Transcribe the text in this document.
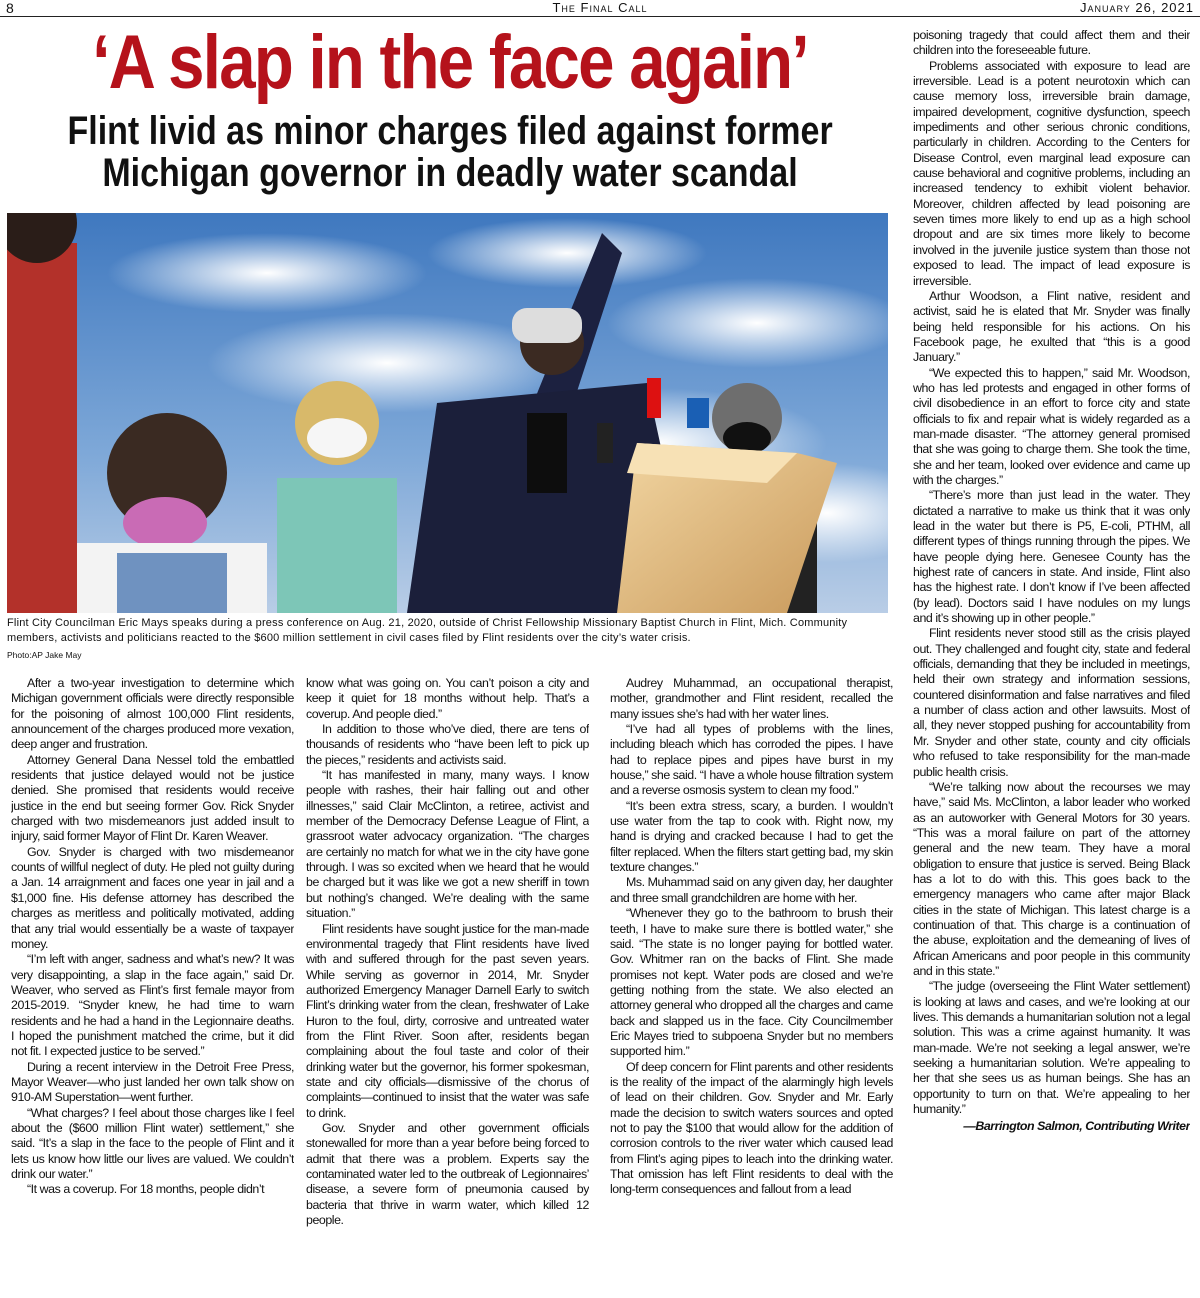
8	The Final Call	January 26, 2021
‘A slap in the face again’
Flint livid as minor charges filed against former
Michigan governor in deadly water scandal
Flint City Councilman Eric Mays speaks during a press conference on Aug. 21, 2020, outside of Christ Fellowship Missionary Baptist Church in Flint, Mich. Community members, activists and politicians reacted to the $600 million settlement in civil cases filed by Flint residents over the city’s water crisis.
Photo:AP Jake May

After a two-year investigation to determine which Michigan government officials were directly responsible for the poisoning of almost 100,000 Flint residents, announcement of the charges produced more vexation, deep anger and frustration.

Attorney General Dana Nessel told the embattled residents that justice delayed would not be justice denied. She promised that residents would receive justice in the end but seeing former Gov. Rick Snyder charged with two misdemeanors just added insult to injury, said former Mayor of Flint Dr. Karen Weaver.

Gov. Snyder is charged with two misdemeanor counts of willful neglect of duty. He pled not guilty during a Jan. 14 arraignment and faces one year in jail and a $1,000 fine. His defense attorney has described the charges as meritless and politically motivated, adding that any trial would essentially be a waste of taxpayer money.

“I’m left with anger, sadness and what’s new? It was very disappointing, a slap in the face again,” said Dr. Weaver, who served as Flint’s first female mayor from 2015-2019. “Snyder knew, he had time to warn residents and he had a hand in the Legionnaire deaths. I hoped the punishment matched the crime, but it did not fit. I expected justice to be served.”

During a recent interview in the Detroit Free Press, Mayor Weaver—who just landed her own talk show on 910-AM Superstation—went further.

“What charges? I feel about those charges like I feel about the ($600 million Flint water) settlement,” she said. “It’s a slap in the face to the people of Flint and it lets us know how little our lives are valued. We couldn’t drink our water.”

“It was a coverup. For 18 months, people didn’t

know what was going on. You can’t poison a city and keep it quiet for 18 months without help. That’s a coverup. And people died.”

In addition to those who’ve died, there are tens of thousands of residents who “have been left to pick up the pieces,” residents and activists said.

“It has manifested in many, many ways. I know people with rashes, their hair falling out and other illnesses,” said Clair McClinton, a retiree, activist and member of the Democracy Defense League of Flint, a grassroot water advocacy organization. “The charges are certainly no match for what we in the city have gone through. I was so excited when we heard that he would be charged but it was like we got a new sheriff in town but nothing’s changed. We’re dealing with the same situation.”

Flint residents have sought justice for the man-made environmental tragedy that Flint residents have lived with and suffered through for the past seven years. While serving as governor in 2014, Mr. Snyder authorized Emergency Manager Darnell Early to switch Flint’s drinking water from the clean, freshwater of Lake Huron to the foul, dirty, corrosive and untreated water from the Flint River. Soon after, residents began complaining about the foul taste and color of their drinking water but the governor, his former spokesman, state and city officials—dismissive of the chorus of complaints—continued to insist that the water was safe to drink.

Gov. Snyder and other government officials stonewalled for more than a year before being forced to admit that there was a problem. Experts say the contaminated water led to the outbreak of Legionnaires’ disease, a severe form of pneumonia caused by bacteria that thrive in warm water, which killed 12 people.

Audrey Muhammad, an occupational therapist, mother, grandmother and Flint resident, recalled the many issues she’s had with her water lines.

“I’ve had all types of problems with the lines, including bleach which has corroded the pipes. I have had to replace pipes and pipes have burst in my house,” she said. “I have a whole house filtration system and a reverse osmosis system to clean my food.”

“It’s been extra stress, scary, a burden. I wouldn’t use water from the tap to cook with. Right now, my hand is drying and cracked because I had to get the filter replaced. When the filters start getting bad, my skin texture changes.”

Ms. Muhammad said on any given day, her daughter and three small grandchildren are home with her.

“Whenever they go to the bathroom to brush their teeth, I have to make sure there is bottled water,” she said. “The state is no longer paying for bottled water. Gov. Whitmer ran on the backs of Flint. She made promises not kept. Water pods are closed and we’re getting nothing from the state. We also elected an attorney general who dropped all the charges and came back and slapped us in the face. City Councilmember Eric Mayes tried to subpoena Snyder but no members supported him.”

Of deep concern for Flint parents and other residents is the reality of the impact of the alarmingly high levels of lead on their children. Gov. Snyder and Mr. Early made the decision to switch waters sources and opted not to pay the $100 that would allow for the addition of corrosion controls to the river water which caused lead from Flint’s aging pipes to leach into the drinking water. That omission has left Flint residents to deal with the long-term consequences and fallout from a lead

poisoning tragedy that could affect them and their children into the foreseeable future.

Problems associated with exposure to lead are irreversible. Lead is a potent neurotoxin which can cause memory loss, irreversible brain damage, impaired development, cognitive dysfunction, speech impediments and other serious chronic conditions, particularly in children. According to the Centers for Disease Control, even marginal lead exposure can cause behavioral and cognitive problems, including an increased tendency to exhibit violent behavior. Moreover, children affected by lead poisoning are seven times more likely to end up as a high school dropout and are six times more likely to become involved in the juvenile justice system than those not exposed to lead. The impact of lead exposure is irreversible.

Arthur Woodson, a Flint native, resident and activist, said he is elated that Mr. Snyder was finally being held responsible for his actions. On his Facebook page, he exulted that “this is a good January.”

“We expected this to happen,” said Mr. Woodson, who has led protests and engaged in other forms of civil disobedience in an effort to force city and state officials to fix and repair what is widely regarded as a man-made disaster. “The attorney general promised that she was going to charge them. She took the time, she and her team, looked over evidence and came up with the charges.”

“There’s more than just lead in the water. They dictated a narrative to make us think that it was only lead in the water but there is P5, E-coli, PTHM, all different types of things running through the pipes. We have people dying here. Genesee County has the highest rate of cancers in state. And inside, Flint also has the highest rate. I don’t know if I’ve been affected (by lead). Doctors said I have nodules on my lungs and it’s showing up in other people.”

Flint residents never stood still as the crisis played out. They challenged and fought city, state and federal officials, demanding that they be included in meetings, held their own strategy and information sessions, countered disinformation and false narratives and filed a number of class action and other lawsuits. Most of all, they never stopped pushing for accountability from Mr. Snyder and other state, county and city officials who refused to take responsibility for the man-made public health crisis.

“We’re talking now about the recourses we may have,” said Ms. McClinton, a labor leader who worked as an autoworker with General Motors for 30 years. “This was a moral failure on part of the attorney general and the new team. They have a moral obligation to ensure that justice is served. Being Black has a lot to do with this. This goes back to the emergency managers who came after major Black cities in the state of Michigan. This latest charge is a continuation of that. This charge is a continuation of the abuse, exploitation and the demeaning of lives of African Americans and poor people in this community and in this state.”

“The judge (overseeing the Flint Water settlement) is looking at laws and cases, and we’re looking at our lives. This demands a humanitarian solution not a legal solution. This was a crime against humanity. It was man-made. We’re not seeking a legal answer, we’re seeking a humanitarian solution. We’re appealing to her that she sees us as human beings. She has an opportunity to turn on that. We’re appealing to her humanity.”

—Barrington Salmon, Contributing Writer
